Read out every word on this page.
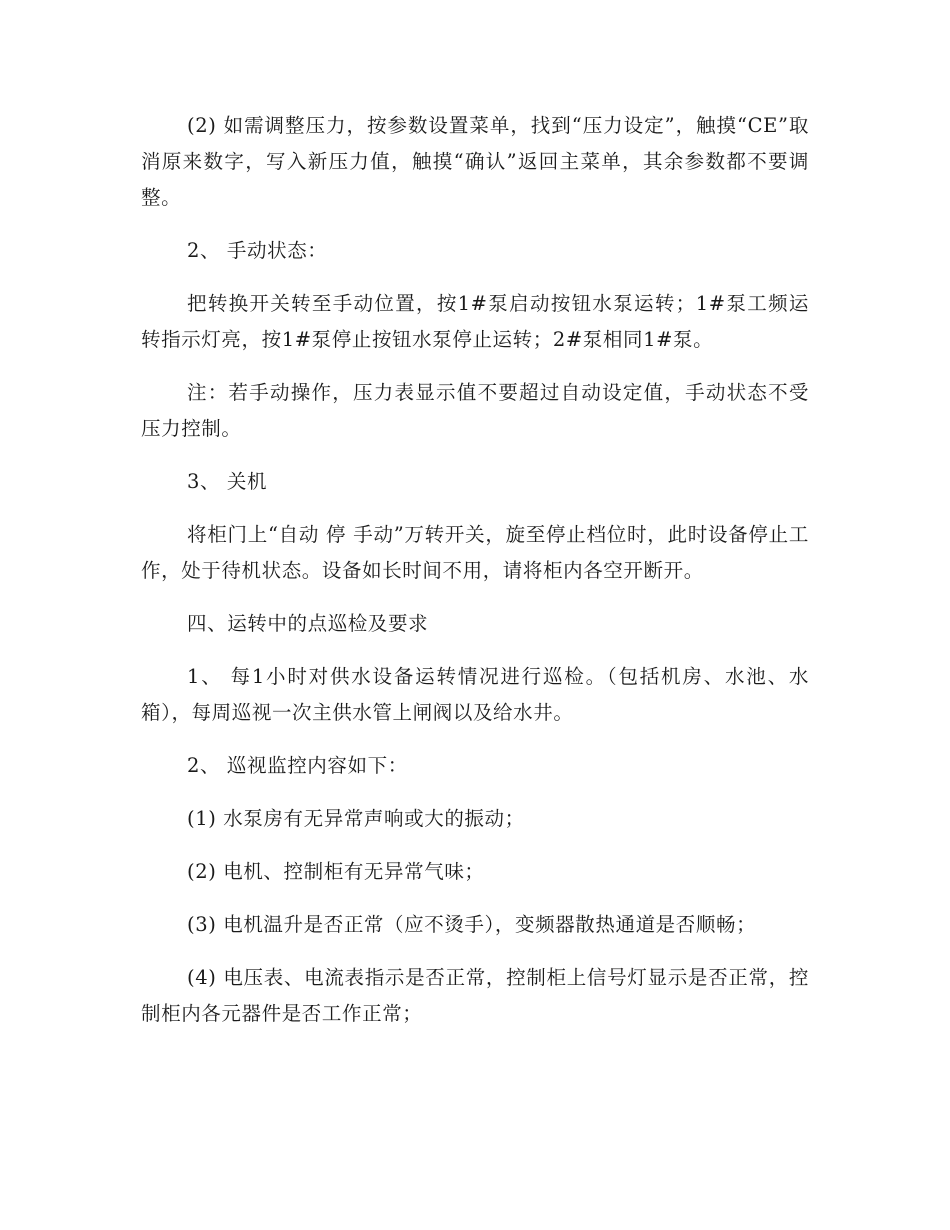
(2) 如需调整压力，按参数设置菜单，找到“压力设定”，触摸“CE”取消原来数字，写入新压力值，触摸“确认”返回主菜单，其余参数都不要调整。

2、 手动状态：

把转换开关转至手动位置，按1#泵启动按钮水泵运转；1#泵工频运转指示灯亮，按1#泵停止按钮水泵停止运转；2#泵相同1#泵。

注：若手动操作，压力表显示值不要超过自动设定值，手动状态不受压力控制。

3、 关机

将柜门上“自动 停 手动”万转开关，旋至停止档位时，此时设备停止工作，处于待机状态。设备如长时间不用，请将柜内各空开断开。

四、运转中的点巡检及要求

1、 每1小时对供水设备运转情况进行巡检。（包括机房、水池、水箱），每周巡视一次主供水管上闸阀以及给水井。

2、 巡视监控内容如下：

(1) 水泵房有无异常声响或大的振动；

(2) 电机、控制柜有无异常气味；

(3) 电机温升是否正常（应不烫手），变频器散热通道是否顺畅；

(4) 电压表、电流表指示是否正常，控制柜上信号灯显示是否正常，控制柜内各元器件是否工作正常；
